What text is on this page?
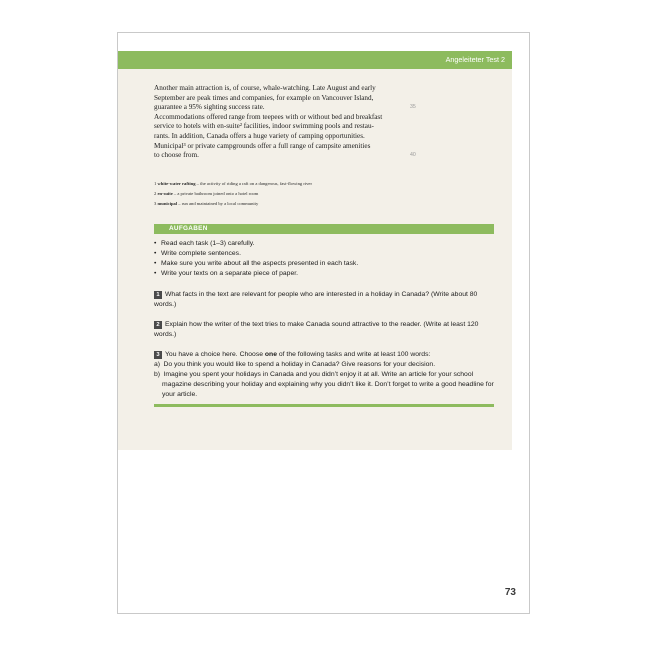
Angeleiteter Test 2
Another main attraction is, of course, whale-watching. Late August and early
September are peak times and companies, for example on Vancouver Island,
guarantee a 95% sighting success rate.	35
Accommodations offered range from teepees with or without bed and breakfast
service to hotels with en-suite² facilities, indoor swimming pools and restau-
rants. In addition, Canada offers a huge variety of camping opportunities.
Municipal³ or private campgrounds offer a full range of campsite amenities
to choose from.	40
1 white-water rafting – the activity of riding a raft on a dangerous, fast-flowing river
2 en-suite – a private bathroom joined onto a hotel room
3 municipal – run and maintained by a local community
AUFGABEN
• Read each task (1–3) carefully.
• Write complete sentences.
• Make sure you write about all the aspects presented in each task.
• Write your texts on a separate piece of paper.
1 What facts in the text are relevant for people who are interested in a holiday in Canada? (Write about 80 words.)
2 Explain how the writer of the text tries to make Canada sound attractive to the reader. (Write at least 120 words.)
3 You have a choice here. Choose one of the following tasks and write at least 100 words:
a) Do you think you would like to spend a holiday in Canada? Give reasons for your decision.
b) Imagine you spent your holidays in Canada and you didn’t enjoy it at all. Write an article for your school magazine describing your holiday and explaining why you didn’t like it. Don’t forget to write a good headline for your article.
73
